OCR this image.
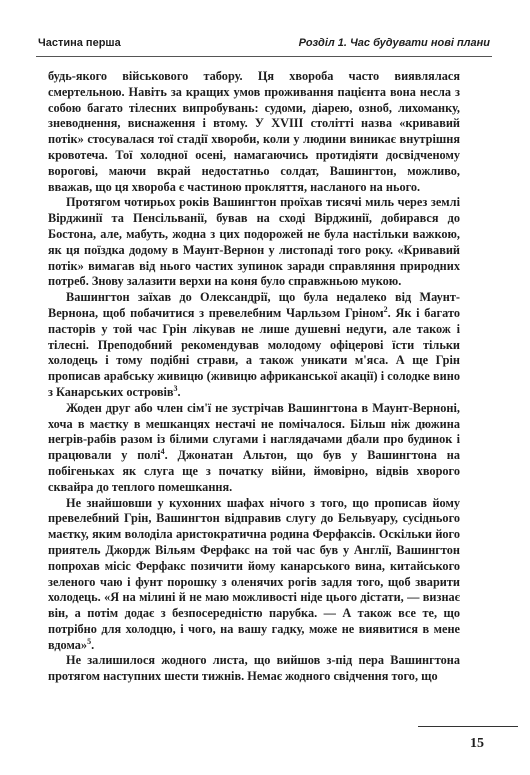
Частина перша	Розділ 1. Час будувати нові плани

будь-якого військового табору. Ця хвороба часто виявлялася смертельною. Навіть за кращих умов проживання пацієнта вона несла з собою багато тілесних випробувань: судоми, діарею, озноб, лихоманку, зневоднення, виснаження і втому. У XVIII столітті назва «кривавий потік» стосувалася тої стадії хвороби, коли у людини виникає внутрішня кровотеча. Тої холодної осені, намагаючись протидіяти досвідченому ворогові, маючи вкрай недостатньо солдат, Вашингтон, можливо, вважав, що ця хвороба є частиною прокляття, насланого на нього.

Протягом чотирьох років Вашингтон проїхав тисячі миль через землі Вірджинії та Пенсільванії, бував на сході Вірджинії, добирався до Бостона, але, мабуть, жодна з цих подорожей не була настільки важкою, як ця поїздка додому в Маунт-Вернон у листопаді того року. «Кривавий потік» вимагав від нього частих зупинок заради справляння природних потреб. Знову залазити верхи на коня було справжньою мукою.

Вашингтон заїхав до Олександрії, що була недалеко від Маунт-Вернона, щоб побачитися з превелебним Чарльзом Гріном$^2$. Як і багато пасторів у той час Грін лікував не лише душевні недуги, але також і тілесні. Преподобний рекомендував молодому офіцерові їсти тільки холодець і тому подібні страви, а також уникати м'яса. А ще Грін прописав арабську живицю (живицю африканської акації) і солодке вино з Канарських островів$^3$.

Жоден друг або член сім'ї не зустрічав Вашингтона в Маунт-Верноні, хоча в маєтку в мешканцях нестачі не помічалося. Більш ніж дюжина негрів-рабів разом із білими слугами і наглядачами дбали про будинок і працювали у полі$^4$. Джонатан Альтон, що був у Вашингтона на побігеньках як слуга ще з початку війни, ймовірно, відвів хворого сквайра до теплого помешкання.

Не знайшовши у кухонних шафах нічого з того, що прописав йому превелебний Грін, Вашингтон відправив слугу до Бельвуару, сусіднього маєтку, яким володіла аристократична родина Ферфаксів. Оскільки його приятель Джордж Вільям Ферфакс на той час був у Англії, Вашингтон попрохав місіс Ферфакс позичити йому канарського вина, китайського зеленого чаю і фунт порошку з оленячих рогів задля того, щоб зварити холодець. «Я на мілині й не маю можливості ніде цього дістати, — визнає він, а потім додає з безпосередністю парубка. — А також все те, що потрібно для холодцю, і чого, на вашу гадку, може не виявитися в мене вдома»$^5$.

Не залишилося жодного листа, що вийшов з-під пера Вашингтона протягом наступних шести тижнів. Немає жодного свідчення того, що

15
